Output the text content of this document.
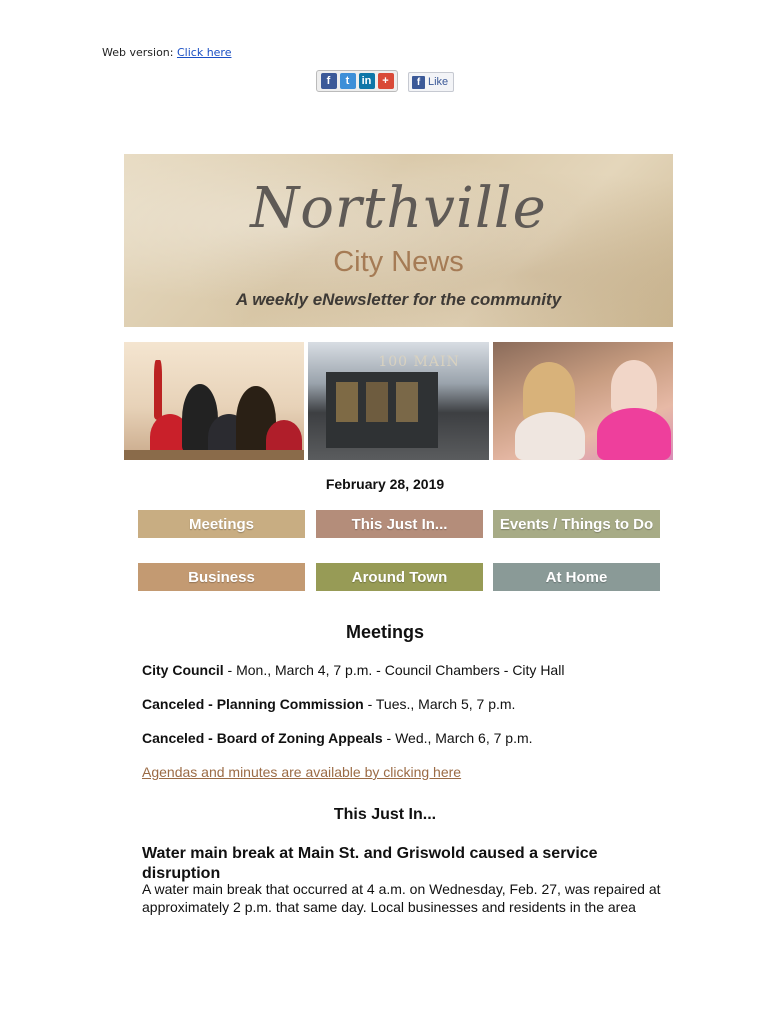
Web version: Click here
f	t	in +	f Like
Northville
City News
A weekly eNewsletter for the community
100 MAIN
February 28, 2019
Meetings	This Just In...	Events / Things to Do
Business	Around Town	At Home
Meetings
City Council - Mon., March 4, 7 p.m. - Council Chambers - City Hall
Canceled - Planning Commission - Tues., March 5, 7 p.m.
Canceled - Board of Zoning Appeals - Wed., March 6, 7 p.m.
Agendas and minutes are available by clicking here
This Just In...
Water main break at Main St. and Griswold caused a service disruption
A water main break that occurred at 4 a.m. on Wednesday, Feb. 27, was repaired at approximately 2 p.m. that same day. Local businesses and residents in the area
